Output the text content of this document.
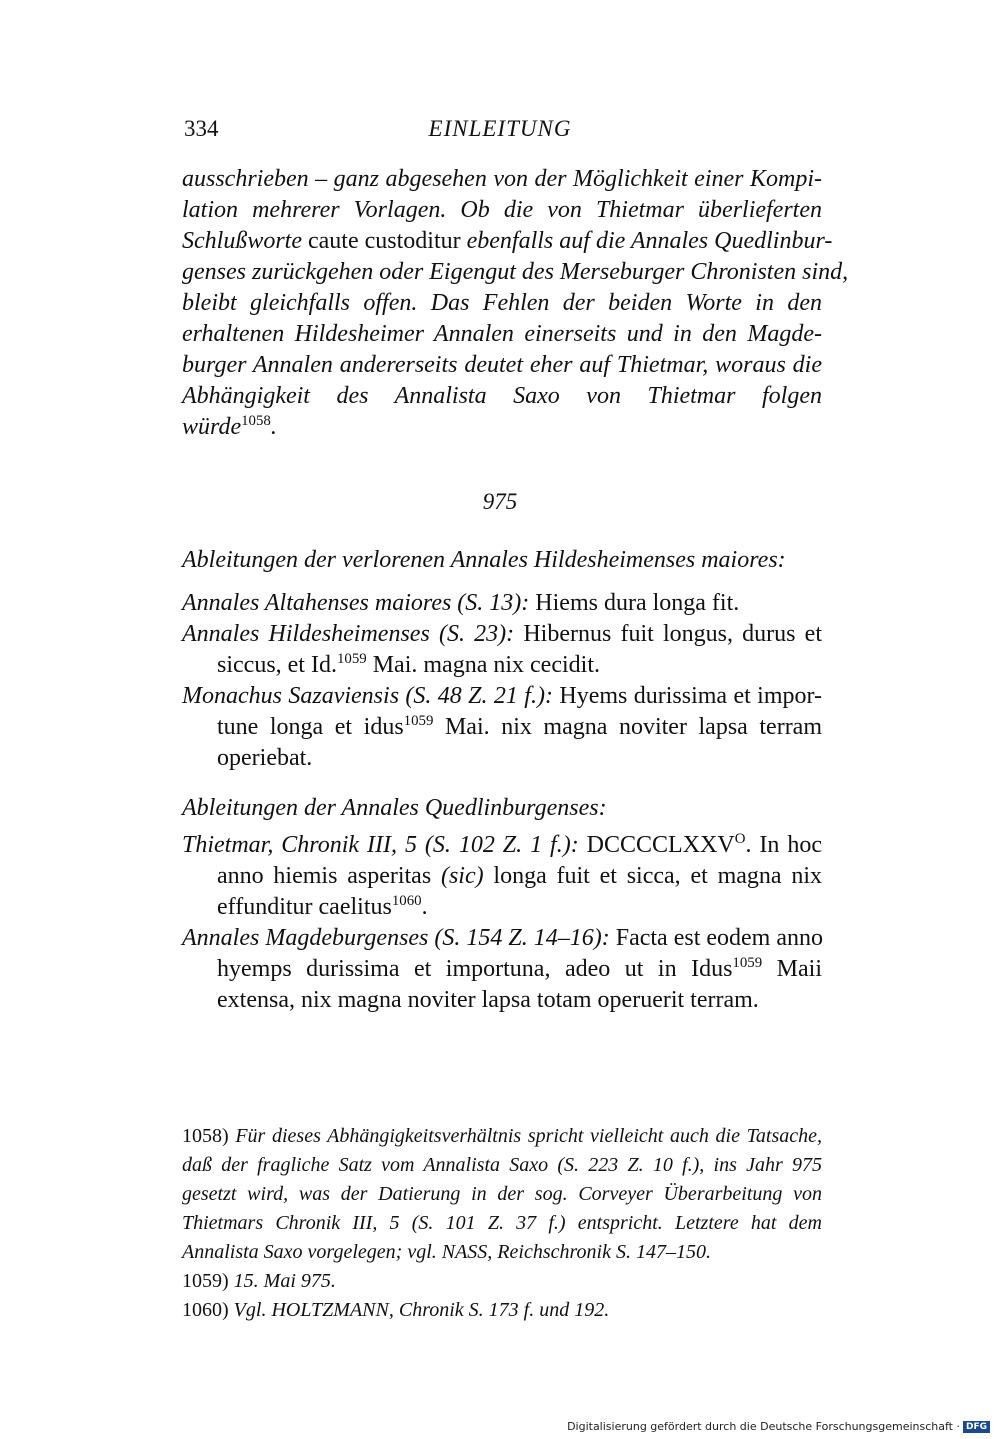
334	EINLEITUNG
ausschrieben – ganz abgesehen von der Möglichkeit einer Kompi-
lation mehrerer Vorlagen. Ob die von Thietmar überlieferten
Schlußworte caute custoditur ebenfalls auf die Annales Quedlinbur-
genses zurückgehen oder Eigengut des Merseburger Chronisten sind,
bleibt gleichfalls offen. Das Fehlen der beiden Worte in den
erhaltenen Hildesheimer Annalen einerseits und in den Magde-
burger Annalen andererseits deutet eher auf Thietmar, woraus die
Abhängigkeit des Annalista Saxo von Thietmar folgen
würde$^{1058}$.
975
Ableitungen der verlorenen Annales Hildesheimenses maiores:
Annales Altahenses maiores (S. 13): Hiems dura longa fit.
Annales Hildesheimenses (S. 23): Hibernus fuit longus, durus et
siccus, et Id.$^{1059}$ Mai. magna nix cecidit.
Monachus Sazaviensis (S. 48 Z. 21 f.): Hyems durissima et impor-
tune longa et idus$^{1059}$ Mai. nix magna noviter lapsa terram
operiebat.
Ableitungen der Annales Quedlinburgenses:
Thietmar, Chronik III, 5 (S. 102 Z. 1 f.): $DCCCCLXXV^O$. In hoc
anno hiemis asperitas (sic) longa fuit et sicca, et magna nix
effunditur caelitus$^{1060}$.
Annales Magdeburgenses (S. 154 Z. 14–16): Facta est eodem anno
hyemps durissima et importuna, adeo ut in Idus$^{1059}$ Maii
extensa, nix magna noviter lapsa totam operuerit terram.
1058) Für dieses Abhängigkeitsverhältnis spricht vielleicht auch die Tatsache,
daß der fragliche Satz vom Annalista Saxo (S. 223 Z. 10 f.), ins Jahr 975
gesetzt wird, was der Datierung in der sog. Corveyer Überarbeitung von
Thietmars Chronik III, 5 (S. 101 Z. 37 f.) entspricht. Letztere hat dem
Annalista Saxo vorgelegen; vgl. NASS, Reichschronik S. 147–150.
1059) 15. Mai 975.
1060) Vgl. HOLTZMANN, Chronik S. 173 f. und 192.
Digitalisierung gefördert durch die Deutsche Forschungsgemeinschaft · DFG
